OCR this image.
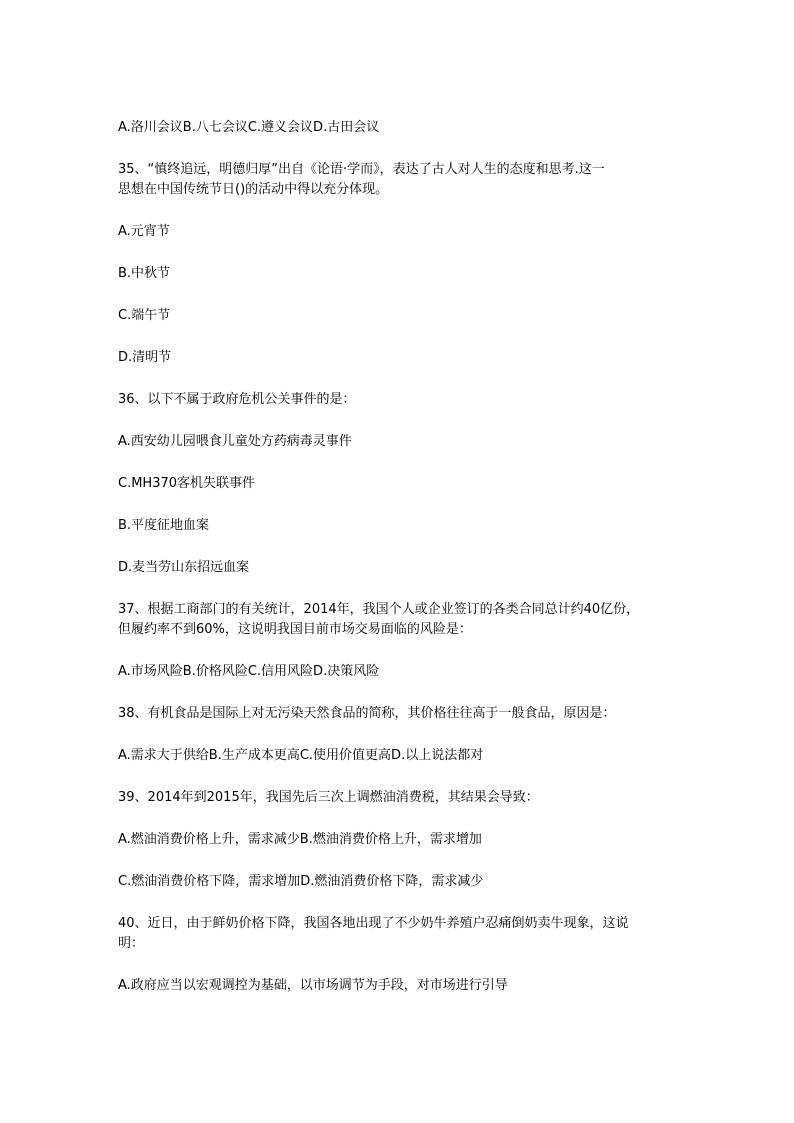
A.洛川会议B.八七会议C.遵义会议D.古田会议

35、“慎终追远，明德归厚”出自《论语·学而》，表达了古人对人生的态度和思考.这一
思想在中国传统节日()的活动中得以充分体现。

A.元宵节

B.中秋节

C.端午节

D.清明节

36、以下不属于政府危机公关事件的是：

A.西安幼儿园喂食儿童处方药病毒灵事件

C.MH370客机失联事件

B.平度征地血案

D.麦当劳山东招远血案

37、根据工商部门的有关统计，2014年，我国个人或企业签订的各类合同总计约40亿份，
但履约率不到60%，这说明我国目前市场交易面临的风险是：

A.市场风险B.价格风险C.信用风险D.决策风险

38、有机食品是国际上对无污染天然食品的简称，其价格往往高于一般食品，原因是：

A.需求大于供给B.生产成本更高C.使用价值更高D.以上说法都对

39、2014年到2015年，我国先后三次上调燃油消费税，其结果会导致：

A.燃油消费价格上升，需求减少B.燃油消费价格上升，需求增加

C.燃油消费价格下降，需求增加D.燃油消费价格下降，需求减少

40、近日，由于鲜奶价格下降，我国各地出现了不少奶牛养殖户忍痛倒奶卖牛现象，这说
明：

A.政府应当以宏观调控为基础，以市场调节为手段，对市场进行引导
